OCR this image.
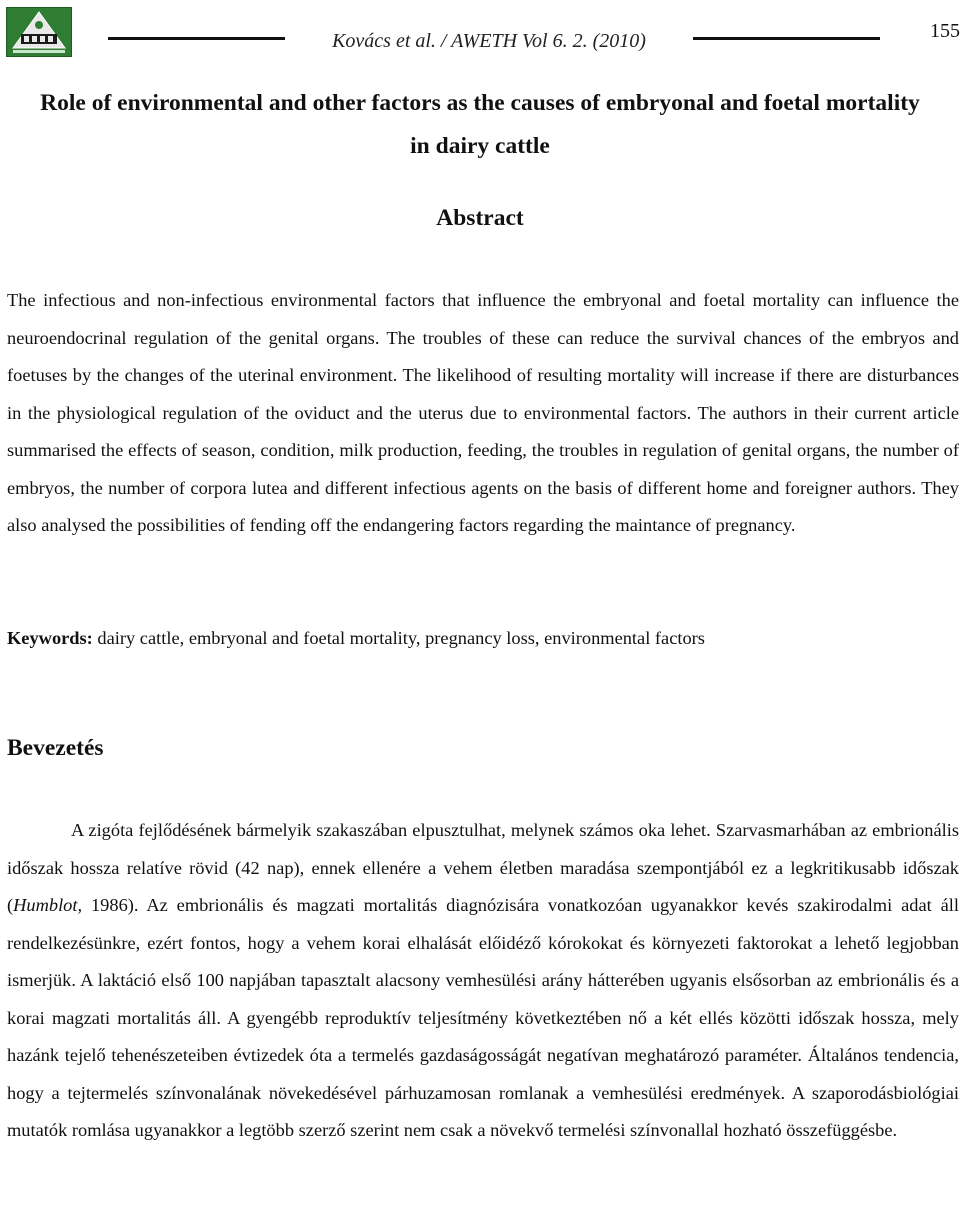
Kovács et al. / AWETH Vol 6. 2. (2010)	155
Role of environmental and other factors as the causes of embryonal and foetal mortality
in dairy cattle
Abstract

The infectious and non-infectious environmental factors that influence the embryonal and foetal mortality can influence the neuroendocrinal regulation of the genital organs. The troubles of these can reduce the survival chances of the embryos and foetuses by the changes of the uterinal environment. The likelihood of resulting mortality will increase if there are disturbances in the physiological regulation of the oviduct and the uterus due to environmental factors. The authors in their current article summarised the effects of season, condition, milk production, feeding, the troubles in regulation of genital organs, the number of embryos, the number of corpora lutea and different infectious agents on the basis of different home and foreigner authors. They also analysed the possibilities of fending off the endangering factors regarding the maintance of pregnancy.

Keywords: dairy cattle, embryonal and foetal mortality, pregnancy loss, environmental factors

Bevezetés

A zigóta fejlődésének bármelyik szakaszában elpusztulhat, melynek számos oka lehet. Szarvasmarhában az embrionális időszak hossza relatíve rövid (42 nap), ennek ellenére a vehem életben maradása szempontjából ez a legkritikusabb időszak (Humblot, 1986). Az embrionális és magzati mortalitás diagnózisára vonatkozóan ugyanakkor kevés szakirodalmi adat áll rendelkezésünkre, ezért fontos, hogy a vehem korai elhalását előidéző kórokokat és környezeti faktorokat a lehető legjobban ismerjük. A laktáció első 100 napjában tapasztalt alacsony vemhesülési arány hátterében ugyanis elsősorban az embrionális és a korai magzati mortalitás áll. A gyengébb reproduktív teljesítmény következtében nő a két ellés közötti időszak hossza, mely hazánk tejelő tehenészeteiben évtizedek óta a termelés gazdaságosságát negatívan meghatározó paraméter. Általános tendencia, hogy a tejtermelés színvonalának növekedésével párhuzamosan romlanak a vemhesülési eredmények. A szaporodásbiológiai mutatók romlása ugyanakkor a legtöbb szerző szerint nem csak a növekvő termelési színvonallal hozható összefüggésbe.
